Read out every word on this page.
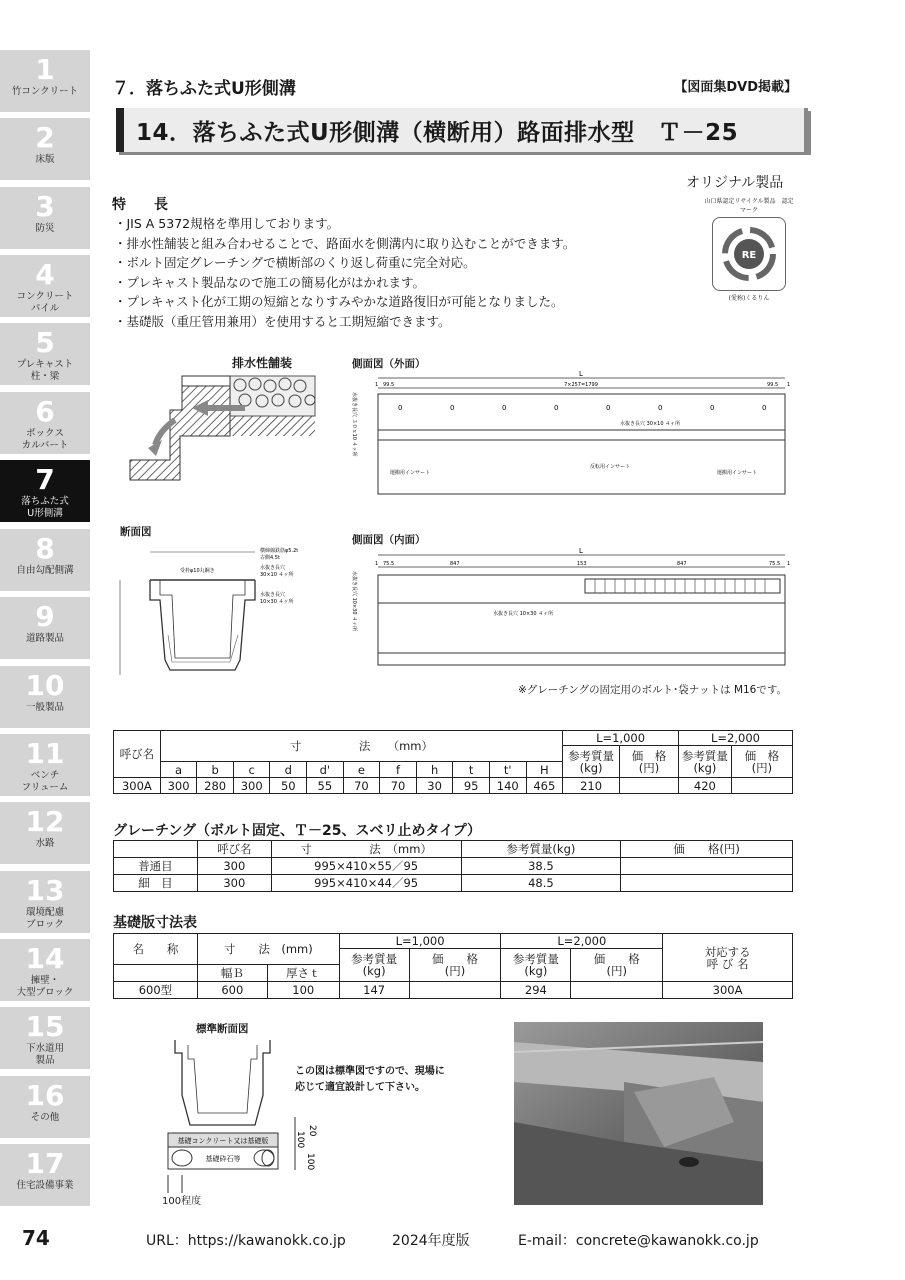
1
竹コンクリート
2
床版
3
防災
4
コンクリート
パイル
5
プレキャスト
柱・梁
6
ボックス
カルバート
7
落ちふた式
U形側溝
8
自由勾配側溝
9
道路製品
10
一般製品
11
ベンチ
フリューム
12
水路
13
環境配慮
ブロック
14
擁壁・
大型ブロック
15
下水道用
製品
16
その他
17
住宅設備事業
７．落ちふた式U形側溝	【図面集DVD掲載】
14．落ちふた式U形側溝（横断用）路面排水型　Ｔ－25
オリジナル製品
山口県認定リサイクル製品　認定マーク
RE
(愛称)くるりん
特　　長
・JIS A 5372規格を準用しております。
・排水性舗装と組み合わせることで、路面水を側溝内に取り込むことができます。
・ボルト固定グレーチングで横断部のくり返し荷重に完全対応。
・プレキャスト製品なので施工の簡易化がはかれます。
・プレキャスト化が工期の短縮となりすみやかな道路復旧が可能となりました。
・基礎版（重圧管用兼用）を使用すると工期短縮できます。
排水性舗装	側面図（外面）
L
1 99.5	7×257=1799	99.5 1
0	0	0	0	0	0	0	0
水抜き長穴 30×10 ４ヶ所
運搬用インサート
反転用インサート
運搬用インサート
水抜き長穴 ３０ｘ10 ４ヶ所
断面図
横締線鉄筋φ5.2t
古側4.5t
水抜き長穴
30×10 ４ヶ所
水抜き長穴
10×30 ４ヶ所
受枠φ10丸鋼き
側面図（内面）
L
1 75.5	847	153	847	75.5 1
水抜き長穴 10×30 ４ヶ所
水抜き長穴 10×30 ４ヶ所
※グレーチングの固定用のボルト･袋ナットは M16です。
呼び名	寸　　　　　法　　（mm）											L=1,000		L=2,000	
												参考質量
(kg)	価　格
(円)	参考質量
(kg)	価　格
(円)
	a	b	c	d	d'	e	f	h	t	t'	H				
300A	300	280	300	50	55	70	70	30	95	140	465	210		420	
グレーチング（ボルト固定、Ｔ－25、スベリ止めタイプ）
	呼び名	寸　　　　　法　（mm）	参考質量(kg)	価　　格(円)
普通目	300	995×410×55／95	38.5	
細　目	300	995×410×44／95	48.5	
基礎版寸法表
名　　称	寸　　法　(mm)		L=1,000		L=2,000		対応する
呼 び 名
			参考質量
(kg)	価　　格
(円)	参考質量
(kg)	価　　格
(円)	
	幅Ｂ	厚さｔ					
600型	600	100	147		294		300A
標準断面図
基礎コンクリート又は基礎版
基礎砕石等
100
20
100
100程度
この図は標準図ですので、現場に
応じて適宜設計して下さい。
74	URL：https://kawanokk.co.jp	2024年度版	E-mail：concrete@kawanokk.co.jp
